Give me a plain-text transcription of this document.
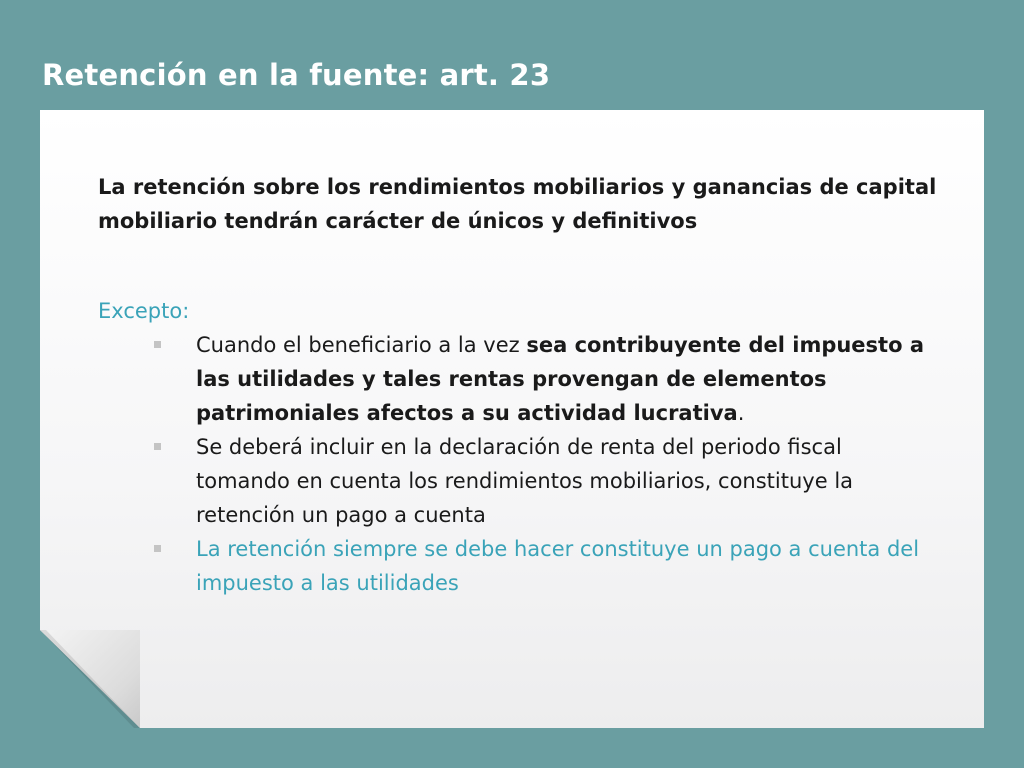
Retención en la fuente: art. 23

La retención sobre los rendimientos mobiliarios y ganancias de capital mobiliario tendrán carácter de únicos y definitivos

Excepto:

Cuando el beneficiario a la vez sea contribuyente del impuesto a las utilidades y tales rentas provengan de elementos patrimoniales afectos a su actividad lucrativa.
Se deberá incluir en la declaración de renta del periodo fiscal tomando en cuenta los rendimientos mobiliarios, constituye la retención un pago a cuenta
La retención siempre se debe hacer constituye un pago a cuenta del impuesto a las utilidades
